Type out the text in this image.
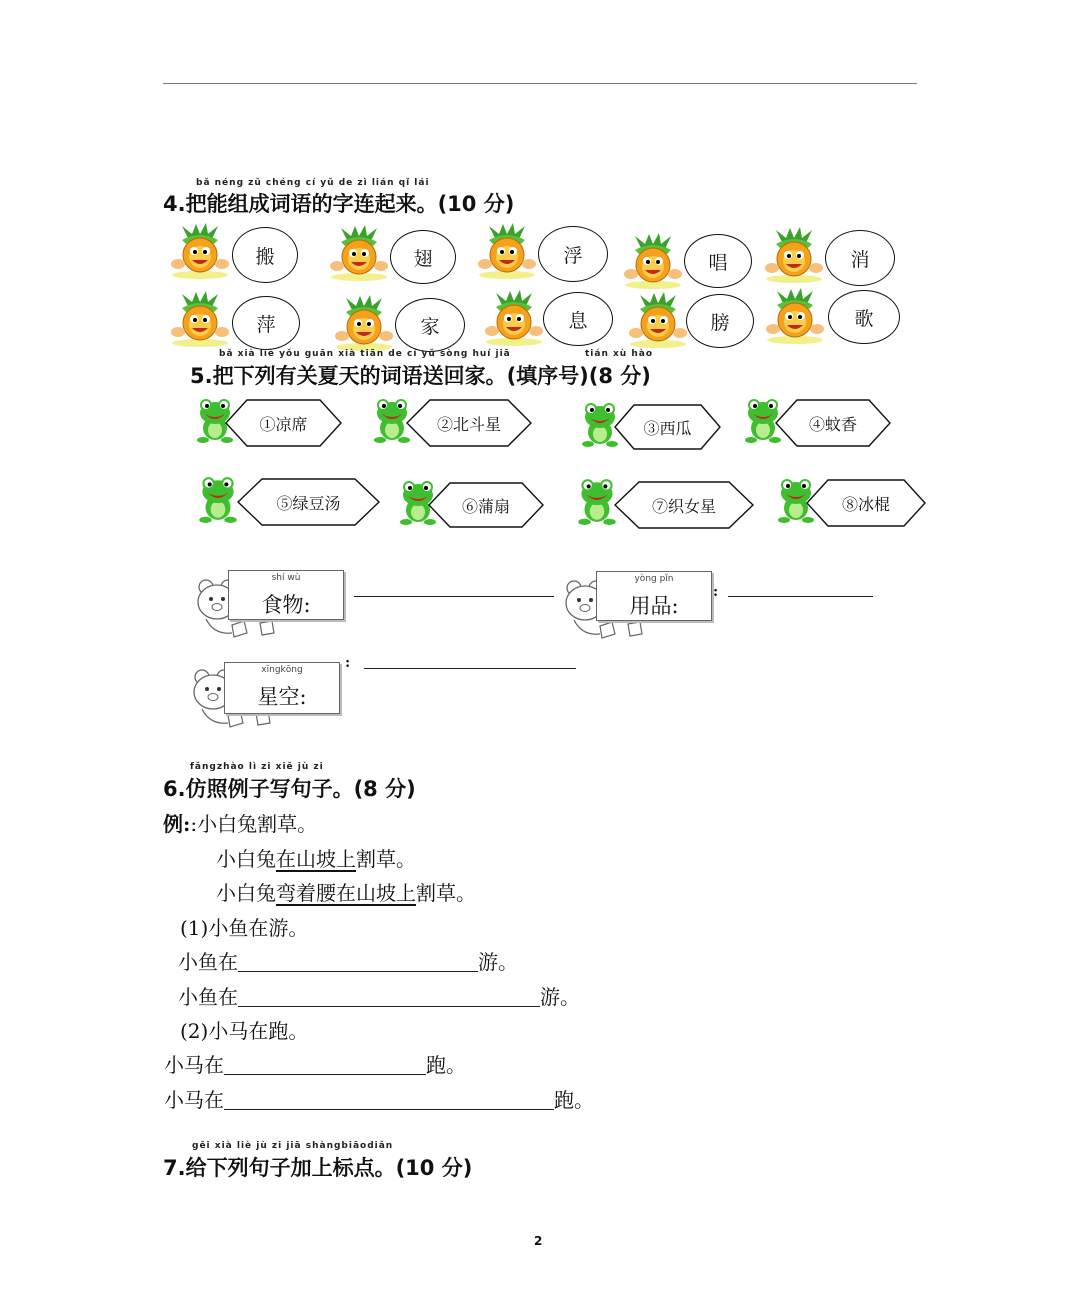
bǎ néng zǔ chéng cí yǔ de zì lián qǐ lái
4.把能组成词语的字连起来。(10 分)
搬	翅	浮	唱	消
萍	家	息	膀	歌
bǎ xià liè yǒu guān xià tiān de cí yǔ sòng huí jiā	tián xù hào
5.把下列有关夏天的词语送回家。(填序号)(8 分)
①凉席	②北斗星	③西瓜	④蚊香
⑤绿豆汤	⑥蒲扇	⑦织女星	⑧冰棍
shí wù
食物:
yòng pǐn
用品:
:
xīngkōng
星空:
:
fǎngzhào lì zi xiě jù zi
6.仿照例子写句子。(8 分)
例::小白兔割草。
小白兔在山坡上割草。
小白兔弯着腰在山坡上割草。
(1)小鱼在游。
小鱼在	游。
小鱼在	游。
(2)小马在跑。
小马在	跑。
小马在	跑。
gěi xià liè jù zi jiā shàngbiāodiǎn
7.给下列句子加上标点。(10 分)
2
